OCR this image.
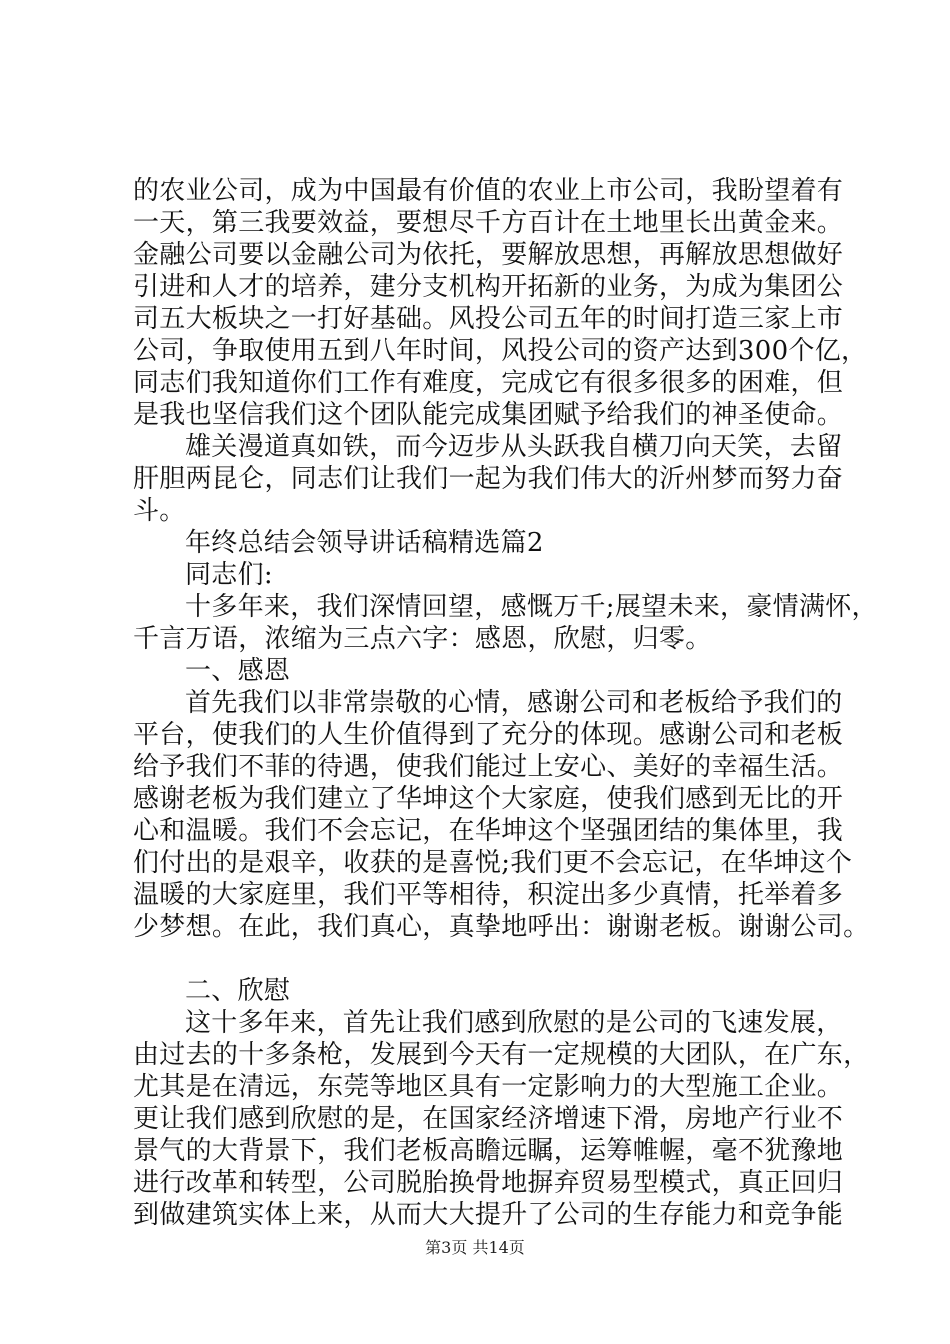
的农业公司，成为中国最有价值的农业上市公司，我盼望着有
一天，第三我要效益，要想尽千方百计在土地里长出黄金来。
金融公司要以金融公司为依托，要解放思想，再解放思想做好
引进和人才的培养，建分支机构开拓新的业务，为成为集团公
司五大板块之一打好基础。风投公司五年的时间打造三家上市
公司，争取使用五到八年时间，风投公司的资产达到300个亿，
同志们我知道你们工作有难度，完成它有很多很多的困难，但
是我也坚信我们这个团队能完成集团赋予给我们的神圣使命。
雄关漫道真如铁，而今迈步从头跃我自横刀向天笑，去留
肝胆两昆仑，同志们让我们一起为我们伟大的沂州梦而努力奋
斗。
年终总结会领导讲话稿精选篇2
同志们:
十多年来，我们深情回望，感慨万千;展望未来，豪情满怀，
千言万语，浓缩为三点六字：感恩，欣慰，归零。
一、感恩
首先我们以非常崇敬的心情，感谢公司和老板给予我们的
平台，使我们的人生价值得到了充分的体现。感谢公司和老板
给予我们不菲的待遇，使我们能过上安心、美好的幸福生活。
感谢老板为我们建立了华坤这个大家庭，使我们感到无比的开
心和温暖。我们不会忘记，在华坤这个坚强团结的集体里，我
们付出的是艰辛，收获的是喜悦;我们更不会忘记，在华坤这个
温暖的大家庭里，我们平等相待，积淀出多少真情，托举着多
少梦想。在此，我们真心，真挚地呼出：谢谢老板。谢谢公司。
二、欣慰
这十多年来，首先让我们感到欣慰的是公司的飞速发展，
由过去的十多条枪，发展到今天有一定规模的大团队，在广东，
尤其是在清远，东莞等地区具有一定影响力的大型施工企业。
更让我们感到欣慰的是，在国家经济增速下滑，房地产行业不
景气的大背景下，我们老板高瞻远瞩，运筹帷幄，毫不犹豫地
进行改革和转型，公司脱胎换骨地摒弃贸易型模式，真正回归
到做建筑实体上来，从而大大提升了公司的生存能力和竞争能
第3页 共14页
